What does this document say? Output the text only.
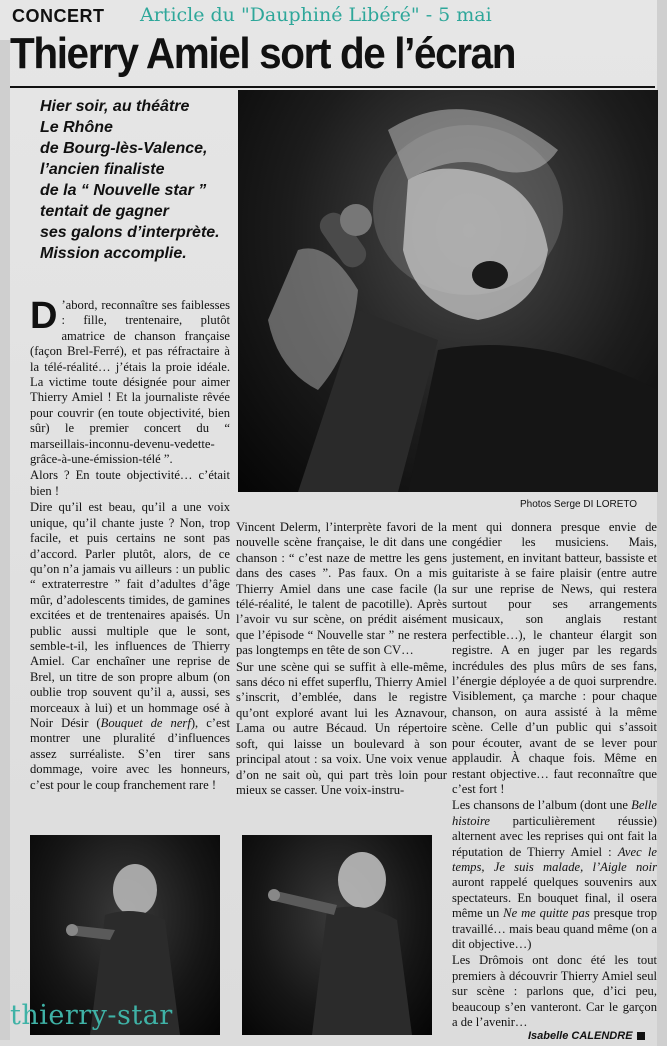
CONCERT Article du "Dauphiné Libéré" - 5 mai
Thierry Amiel sort de l’écran
Hier soir, au théâtre
Le Rhône
de Bourg-lès-Valence,
l’ancien finaliste
de la “ Nouvelle star ”
tentait de gagner
ses galons d’interprète.
Mission accomplie.
Photos Serge DI LORETO

D ’abord, reconnaître ses faiblesses : fille, trentenaire, plutôt amatrice de chanson française (façon Brel-Ferré), et pas réfractaire à la télé-réalité… j’étais la proie idéale. La victime toute désignée pour aimer Thierry Amiel ! Et la journaliste rêvée pour couvrir (en toute objectivité, bien sûr) le premier concert du “ marseillais-inconnu-devenu-vedette-grâce-à-une-émission-télé ”.

Alors ? En toute objectivité… c’était bien !

Dire qu’il est beau, qu’il a une voix unique, qu’il chante juste ? Non, trop facile, et puis certains ne sont pas d’accord. Parler plutôt, alors, de ce qu’on n’a jamais vu ailleurs : un public “ extraterrestre ” fait d’adultes d’âge mûr, d’adolescents timides, de gamines excitées et de trentenaires apaisés. Un public aussi multiple que le sont, semble-t-il, les influences de Thierry Amiel. Car enchaîner une reprise de Brel, un titre de son propre album (on oublie trop souvent qu’il a, aussi, ses morceaux à lui) et un hommage osé à Noir Désir (Bouquet de nerf), c’est montrer une pluralité d’influences assez surréaliste. S’en tirer sans dommage, voire avec les honneurs, c’est pour le coup franchement rare !

Vincent Delerm, l’interprète favori de la nouvelle scène française, le dit dans une chanson : “ c’est naze de mettre les gens dans des cases ”. Pas faux. On a mis Thierry Amiel dans une case facile (la télé-réalité, le talent de pacotille). Après l’avoir vu sur scène, on prédit aisément que l’épisode “ Nouvelle star ” ne restera pas longtemps en tête de son CV…

Sur une scène qui se suffit à elle-même, sans déco ni effet superflu, Thierry Amiel s’inscrit, d’emblée, dans le registre qu’ont exploré avant lui les Aznavour, Lama ou autre Bécaud. Un répertoire soft, qui laisse un boulevard à son principal atout : sa voix. Une voix venue d’on ne sait où, qui part très loin pour mieux se casser. Une voix-instru-

ment qui donnera presque envie de congédier les musiciens. Mais, justement, en invitant batteur, bassiste et guitariste à se faire plaisir (entre autre sur une reprise de News, qui restera surtout pour ses arrangements musicaux, son anglais restant perfectible…), le chanteur élargit son registre. A en juger par les regards incrédules des plus mûrs de ses fans, l’énergie déployée a de quoi surprendre. Visiblement, ça marche : pour chaque chanson, on aura assisté à la même scène. Celle d’un public qui s’assoit pour écouter, avant de se lever pour applaudir. À chaque fois. Même en restant objective… faut reconnaître que c’est fort !

Les chansons de l’album (dont une Belle histoire particulièrement réussie) alternent avec les reprises qui ont fait la réputation de Thierry Amiel : Avec le temps, Je suis malade, l’Aigle noir auront rappelé quelques souvenirs aux spectateurs. En bouquet final, il osera même un Ne me quitte pas presque trop travaillé… mais beau quand même (on a dit objective…)

Les Drômois ont donc été les tout premiers à découvrir Thierry Amiel seul sur scène : parlons que, d’ici peu, beaucoup s’en vanteront. Car le garçon a de l’avenir…

thierry-star
Isabelle CALENDRE
